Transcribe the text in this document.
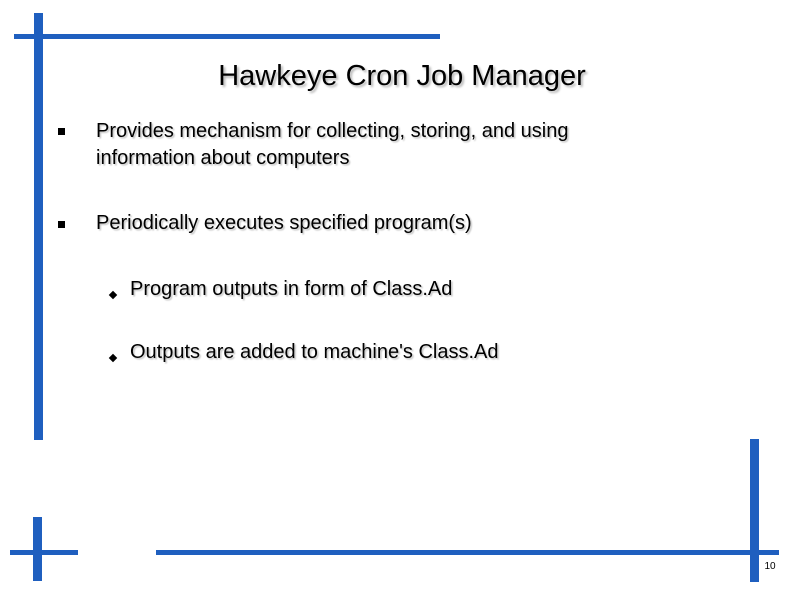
Hawkeye Cron Job Manager
Provides mechanism for collecting, storing, and using
information about computers
Periodically executes specified program(s)
Program outputs in form of Class.Ad
Outputs are added to machine's Class.Ad
10
